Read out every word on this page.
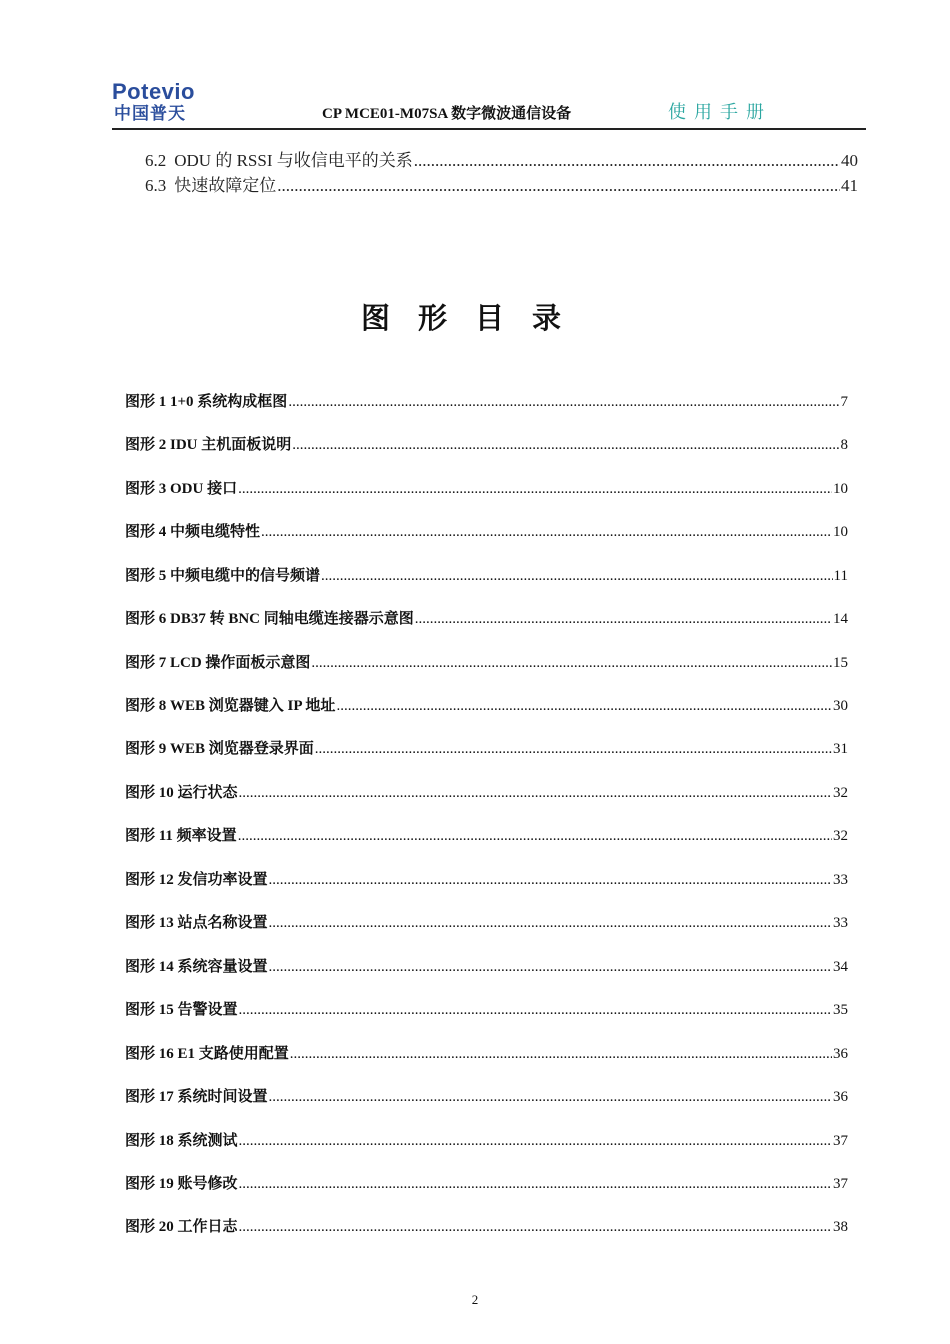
Potevio
中国普天	CP MCE01-M07SA 数字微波通信设备	使用手册
6.2 ODU 的 RSSI 与收信电平的关系 .....	40
6.3 快速故障定位 .....	41
图形目录
图形 1 1+0 系统构成框图 .....	7
图形 2 IDU 主机面板说明 .....	8
图形 3 ODU 接口 .....	10
图形 4 中频电缆特性 .....	10
图形 5 中频电缆中的信号频谱 .....	11
图形 6 DB37 转 BNC 同轴电缆连接器示意图 .....	14
图形 7 LCD 操作面板示意图 .....	15
图形 8 WEB 浏览器键入 IP 地址 .....	30
图形 9 WEB 浏览器登录界面 .....	31
图形 10 运行状态 .....	32
图形 11 频率设置 .....	32
图形 12 发信功率设置 .....	33
图形 13 站点名称设置 .....	33
图形 14 系统容量设置 .....	34
图形 15 告警设置 .....	35
图形 16 E1 支路使用配置 .....	36
图形 17 系统时间设置 .....	36
图形 18 系统测试 .....	37
图形 19 账号修改 .....	37
图形 20 工作日志 .....	38
2
